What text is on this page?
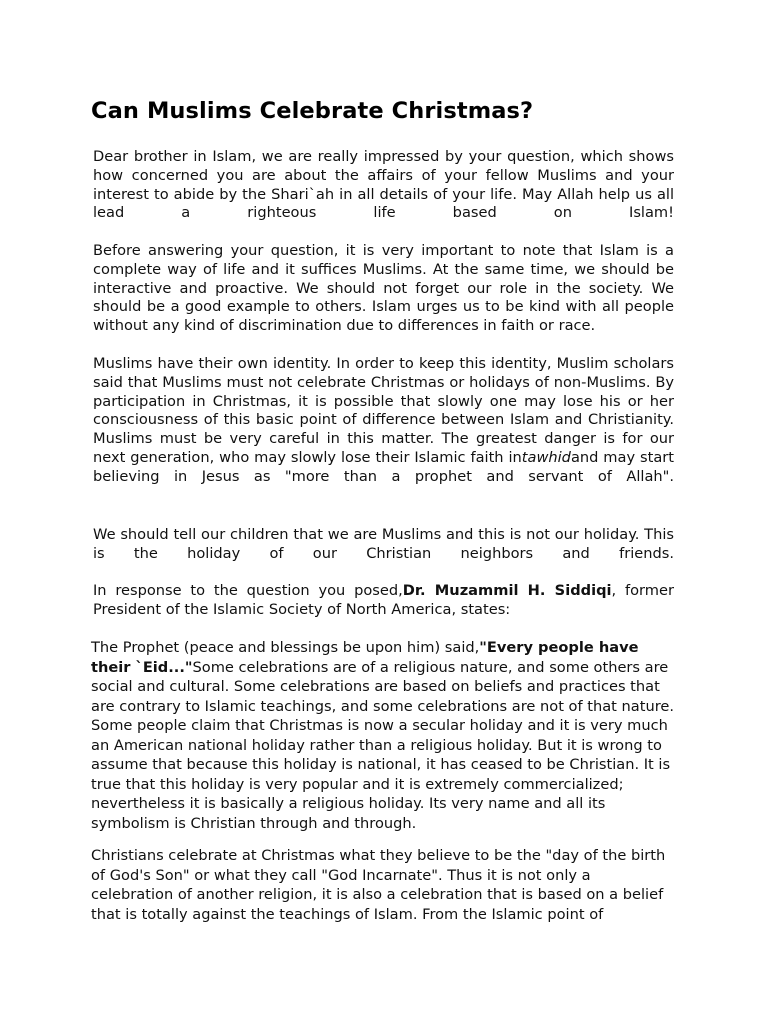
Can Muslims Celebrate Christmas?

Dear brother in Islam, we are really impressed by your question, which shows how concerned you are about the affairs of your fellow Muslims and your interest to abide by the Shari`ah in all details of your life. May Allah help us all lead a righteous life based on Islam!

Before answering your question, it is very important to note that Islam is a complete way of life and it suffices Muslims. At the same time, we should be interactive and proactive. We should not forget our role in the society. We should be a good example to others. Islam urges us to be kind with all people without any kind of discrimination due to differences in faith or race.

Muslims have their own identity. In order to keep this identity, Muslim scholars said that Muslims must not celebrate Christmas or holidays of non-Muslims. By participation in Christmas, it is possible that slowly one may lose his or her consciousness of this basic point of difference between Islam and Christianity. Muslims must be very careful in this matter. The greatest danger is for our next generation, who may slowly lose their Islamic faith intawhidand may start believing in Jesus as "more than a prophet and servant of Allah".

We should tell our children that we are Muslims and this is not our holiday. This is the holiday of our Christian neighbors and friends.

In response to the question you posed,Dr. Muzammil H. Siddiqi, former President of the Islamic Society of North America, states:

The Prophet (peace and blessings be upon him) said,"Every people have their `Eid..."Some celebrations are of a religious nature, and some others are social and cultural. Some celebrations are based on beliefs and practices that are contrary to Islamic teachings, and some celebrations are not of that nature. Some people claim that Christmas is now a secular holiday and it is very much an American national holiday rather than a religious holiday. But it is wrong to assume that because this holiday is national, it has ceased to be Christian. It is true that this holiday is very popular and it is extremely commercialized; nevertheless it is basically a religious holiday. Its very name and all its symbolism is Christian through and through.

Christians celebrate at Christmas what they believe to be the "day of the birth of God's Son" or what they call "God Incarnate". Thus it is not only a celebration of another religion, it is also a celebration that is based on a belief that is totally against the teachings of Islam. From the Islamic point of
